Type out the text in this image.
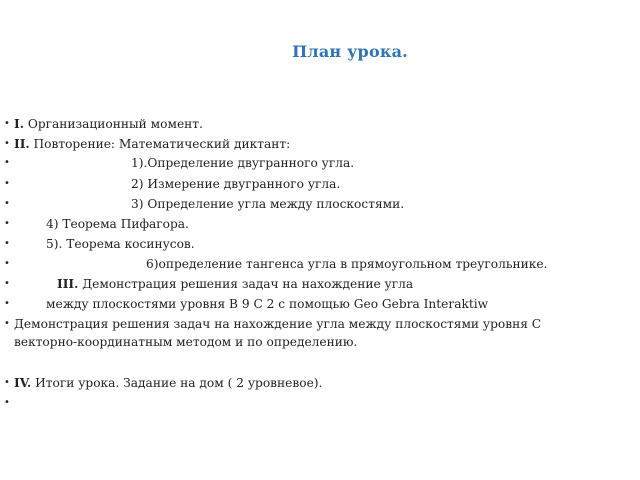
План урока.
• I. Организационный момент.
• II. Повторение: Математический диктант:
•	1).Определение двугранного угла.
•	2) Измерение двугранного угла.
•	3) Определение угла между плоскостями.
•	4) Теорема Пифагора.
•	5). Теорема косинусов.
•	6)определение тангенса угла в прямоугольном треугольнике.
•	III. Демонстрация решения задач на нахождение угла
•	между плоскостями уровня В 9 С 2 с помощью Geo Gebra Interaktiw
• Демонстрация решения задач на нахождение угла между плоскостями уровня С
векторно-координатным методом и по определению.
• IV. Итоги урока. Задание на дом ( 2 уровневое).
•
